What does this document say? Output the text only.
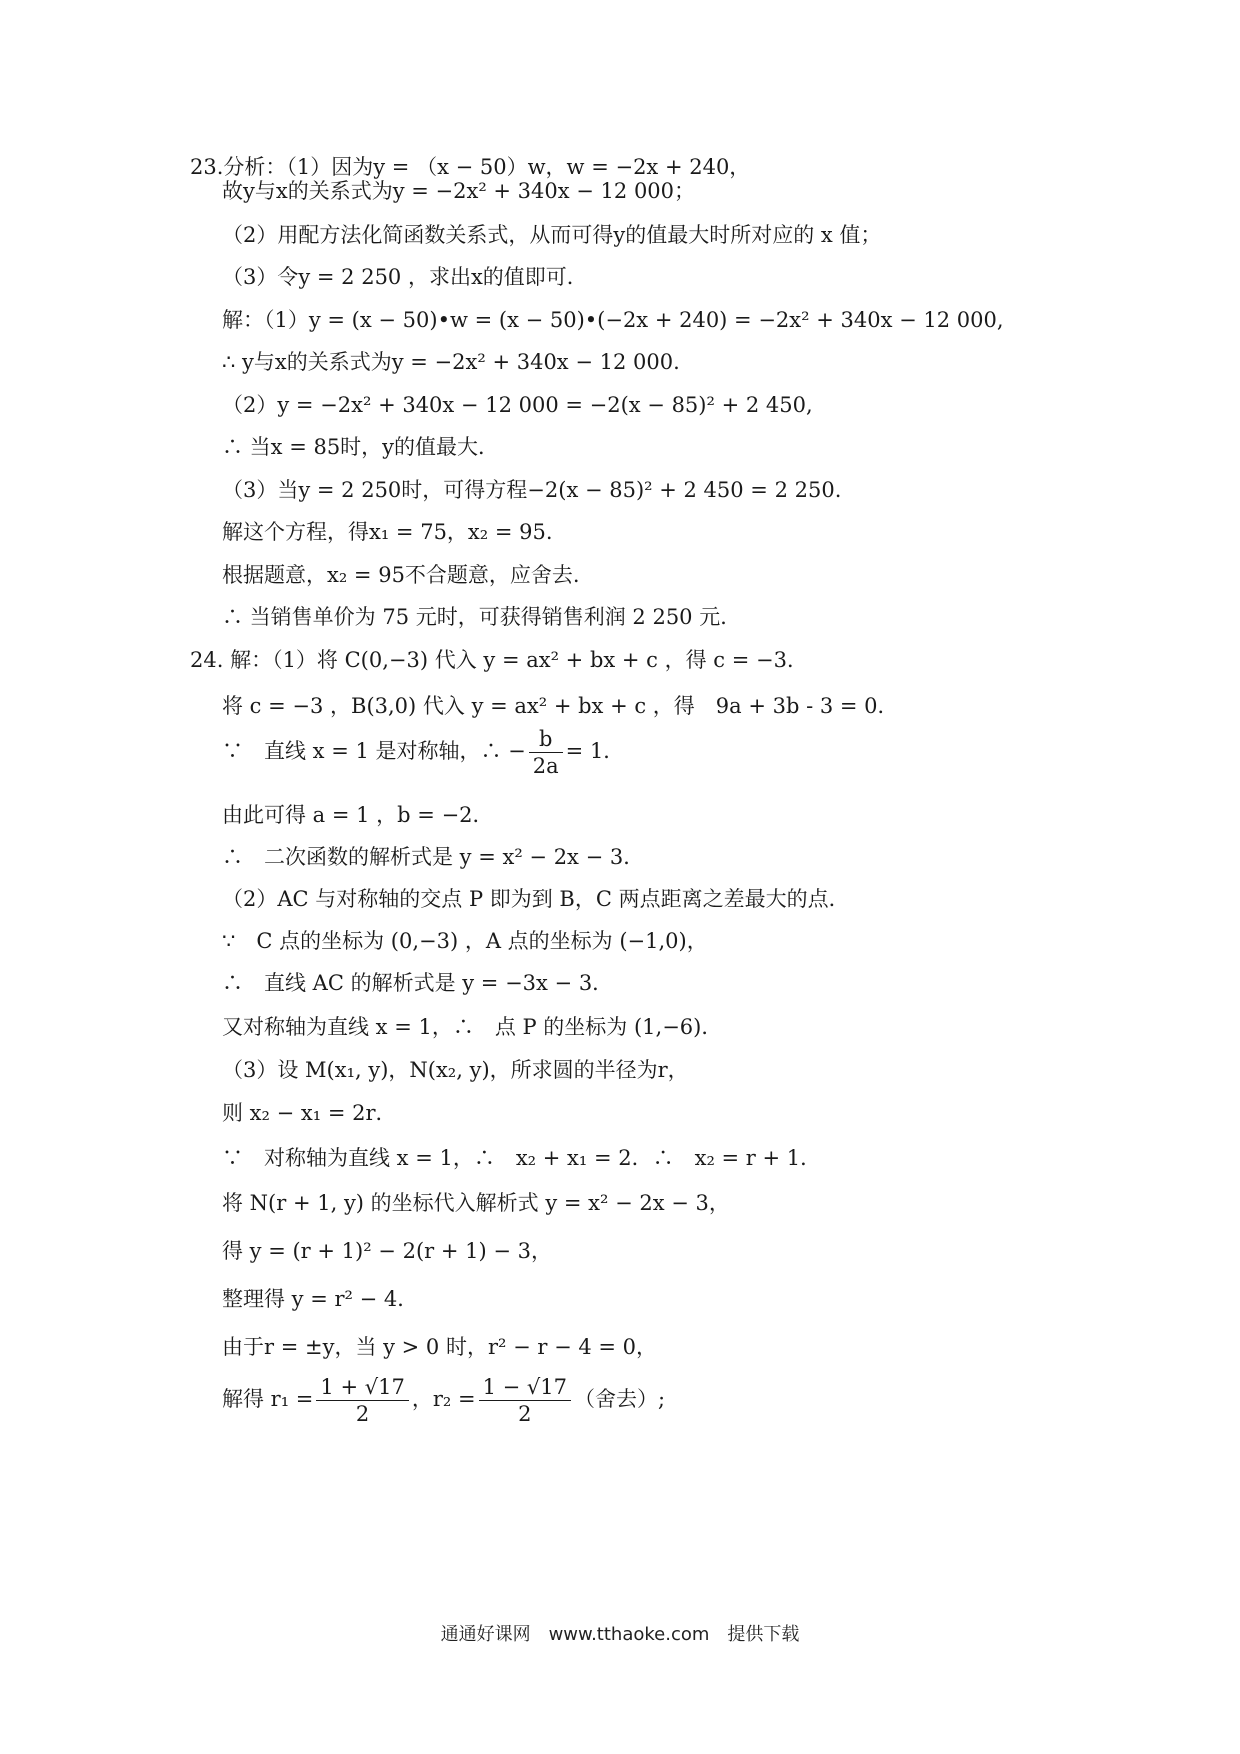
23.分析：（1）因为y = （x − 50）w，w = −2x + 240，
故y与x的关系式为y = −2x² + 340x − 12 000；
（2）用配方法化简函数关系式，从而可得y的值最大时所对应的 x 值；
（3）令y = 2 250 ，求出x的值即可．
解：（1）y = (x − 50)•w = (x − 50)•(−2x + 240) = −2x² + 340x − 12 000,
∴ y与x的关系式为y = −2x² + 340x − 12 000.
（2）y = −2x² + 340x − 12 000 = −2(x − 85)² + 2 450,
∴ 当x = 85时，y的值最大．
（3）当y = 2 250时，可得方程−2(x − 85)² + 2 450 = 2 250.
解这个方程，得x₁ = 75，x₂ = 95.
根据题意，x₂ = 95不合题意，应舍去.
∴ 当销售单价为 75 元时，可获得销售利润 2 250 元．
24. 解：（1）将 C(0,−3) 代入 y = ax² + bx + c ，得 c = −3．
将 c = −3 ，B(3,0) 代入 y = ax² + bx + c ，得　9a + 3b - 3 = 0．
∵　直线 x = 1 是对称轴，∴ − $\frac{b}{2a} = 1$．
由此可得 a = 1 ，b = −2．
∴　二次函数的解析式是 y = x² − 2x − 3．
（2）AC 与对称轴的交点 P 即为到 B，C 两点距离之差最大的点．
∵　C 点的坐标为 (0,−3) ，A 点的坐标为 (−1,0)，
∴　直线 AC 的解析式是 y = −3x − 3．
又对称轴为直线 x = 1，∴　点 P 的坐标为 (1,−6)．
（3）设 M(x₁, y)，N(x₂, y)，所求圆的半径为r，
则 x₂ − x₁ = 2r．
∵　对称轴为直线 x = 1，∴　x₂ + x₁ = 2．∴　x₂ = r + 1．
将 N(r + 1, y) 的坐标代入解析式 y = x² − 2x − 3，
得 y = (r + 1)² − 2(r + 1) − 3，
整理得 y = r² − 4．
由于r = ±y，当 y > 0 时，r² − r − 4 = 0，
解得 $r_1 = \frac{1 + √17}{2}$ ，$r_2 = \frac{1 - √17}{2}$ （舍去）;
通通好课网　www.tthaoke.com　提供下载
